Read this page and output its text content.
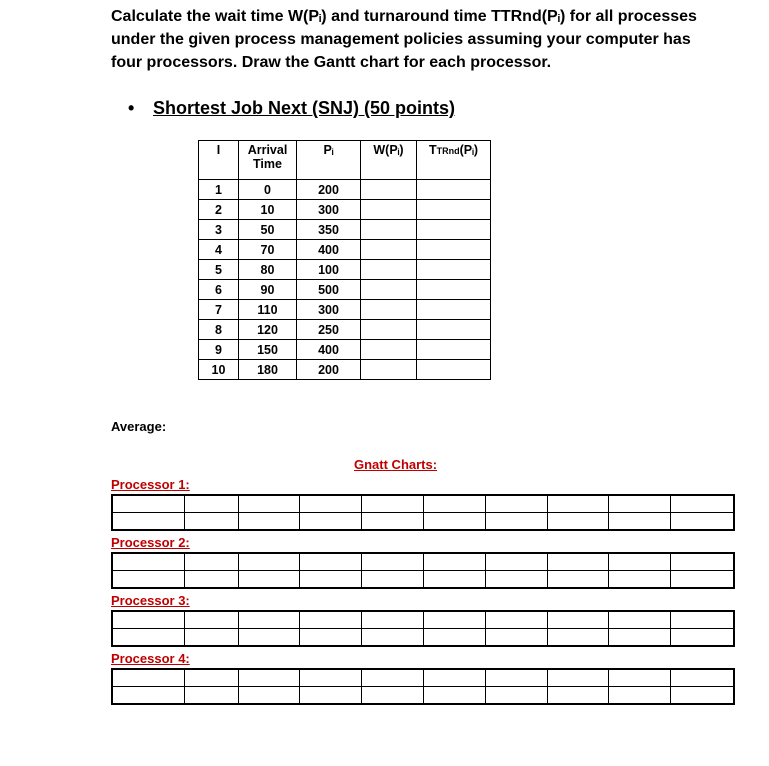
Calculate the wait time W(Pᵢ) and turnaround time TTRnd(Pᵢ) for all processes under the given process management policies assuming your computer has four processors. Draw the Gantt chart for each processor.

• Shortest Job Next (SNJ) (50 points)
I	Arrival Time	Pᵢ	W(Pᵢ)	TTRnd(Pᵢ)
1	0	200		
2	10	300		
3	50	350		
4	70	400		
5	80	100		
6	90	500		
7	110	300		
8	120	250		
9	150	400		
10	180	200		
Average:
Gnatt Charts:
Processor 1:

Processor 2:

Processor 3:

Processor 4:
